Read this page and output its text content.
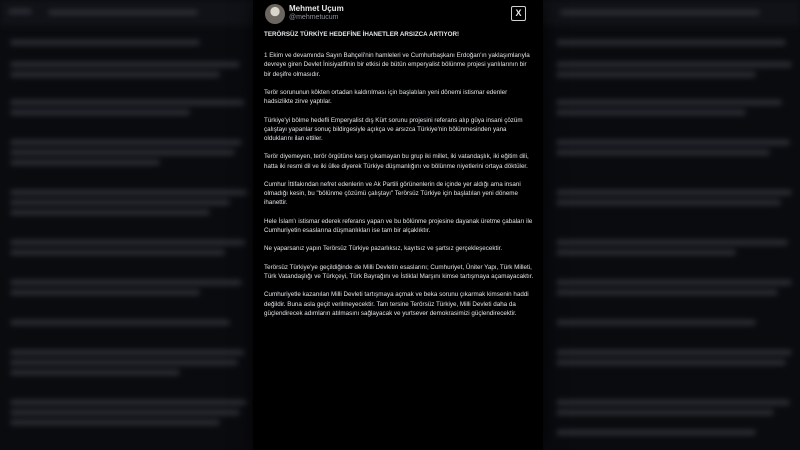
Mehmet Uçum
@mehmetucum	X
TERÖRSÜZ TÜRKİYE HEDEFİNE İHANETLER ARSIZCA ARTIYOR!
1 Ekim ve devamında Sayın Bahçeli'nin hamleleri ve Cumhurbaşkanı Erdoğan'ın yaklaşımlarıyla devreye giren Devlet İnisiyatifinin bir etkisi de bütün emperyalist bölünme projesi yanlılarının bir bir deşifre olmasıdır.
Terör sorununun kökten ortadan kaldırılması için başlatılan yeni dönemi istismar edenler hadsizlikte zirve yaptılar.
Türkiye'yi bölme hedefli Emperyalist dış Kürt sorunu projesini referans alıp güya insani çözüm çalıştayı yapanlar sonuç bildirgesiyle açıkça ve arsızca Türkiye'nin bölünmesinden yana olduklarını ilan ettiler.
Terör diyemeyen, terör örgütüne karşı çıkamayan bu grup iki millet, iki vatandaşlık, iki eğitim dili, hatta iki resmi dil ve iki ülke diyerek Türkiye düşmanlığını ve bölünme niyetlerini ortaya döktüler.
Cumhur İttifakından nefret edenlerin ve Ak Partili görünenlerin de içinde yer aldığı ama insani olmadığı kesin, bu "bölünme çözümü çalıştayı" Terörsüz Türkiye için başlatılan yeni döneme ihanettir.
Hele İslam'ı istismar ederek referans yapan ve bu bölünme projesine dayanak üretme çabaları ile Cumhuriyetin esaslarına düşmanlıkları ise tam bir alçaklıktır.
Ne yaparsanız yapın Terörsüz Türkiye pazarlıksız, kayıtsız ve şartsız gerçekleşecektir.
Terörsüz Türkiye'ye geçildiğinde de Milli Devletin esaslarını; Cumhuriyet, Üniter Yapı, Türk Milleti, Türk Vatandaşlığı ve Türkçeyi, Türk Bayrağını ve İstiklal Marşını kimse tartışmaya açamayacaktır.
Cumhuriyetle kazanılan Milli Devleti tartışmaya açmak ve beka sorunu çıkarmak kimsenin haddi değildir. Buna asla geçit verilmeyecektir. Tam tersine Terörsüz Türkiye, Milli Devleti daha da güçlendirecek adımların atılmasını sağlayacak ve yurtsever demokrasimizi güçlendirecektir.
